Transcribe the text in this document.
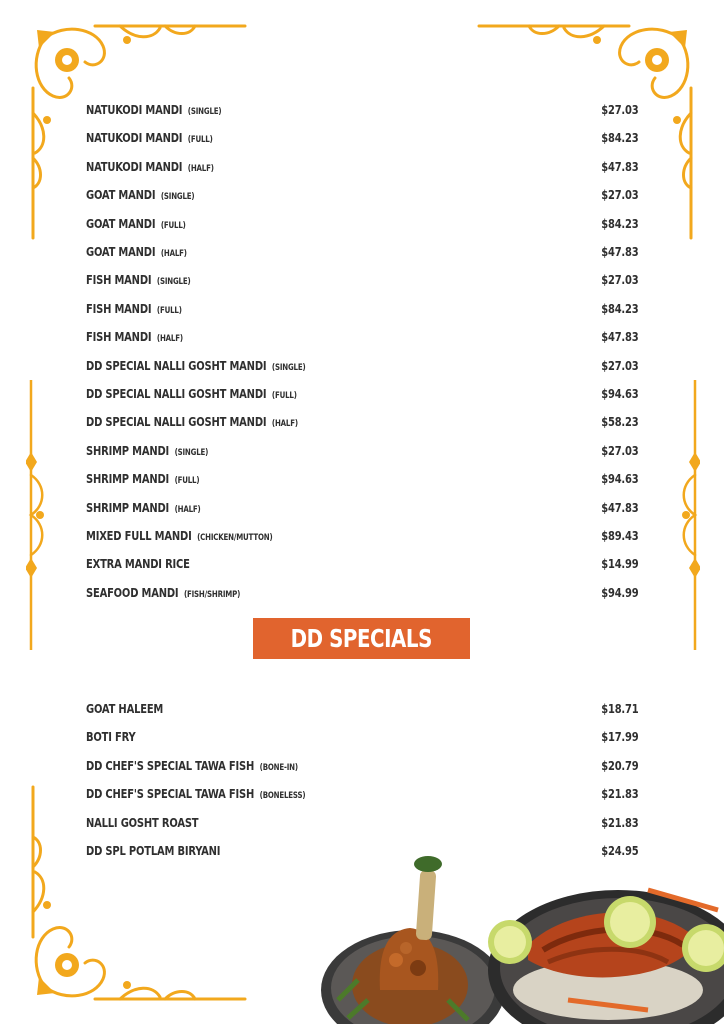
NATUKODI MANDI (SINGLE)	$27.03
NATUKODI MANDI (FULL)	$84.23
NATUKODI MANDI (HALF)	$47.83
GOAT MANDI (SINGLE)	$27.03
GOAT MANDI (FULL)	$84.23
GOAT MANDI (HALF)	$47.83
FISH MANDI (SINGLE)	$27.03
FISH MANDI (FULL)	$84.23
FISH MANDI (HALF)	$47.83
DD SPECIAL NALLI GOSHT MANDI (SINGLE)	$27.03
DD SPECIAL NALLI GOSHT MANDI (FULL)	$94.63
DD SPECIAL NALLI GOSHT MANDI (HALF)	$58.23
SHRIMP MANDI (SINGLE)	$27.03
SHRIMP MANDI (FULL)	$94.63
SHRIMP MANDI (HALF)	$47.83
MIXED FULL MANDI (CHICKEN/MUTTON)	$89.43
EXTRA MANDI RICE	$14.99
SEAFOOD MANDI (FISH/SHRIMP)	$94.99
DD SPECIALS
GOAT HALEEM	$18.71
BOTI FRY	$17.99
DD CHEF'S SPECIAL TAWA FISH (BONE-IN)	$20.79
DD CHEF'S SPECIAL TAWA FISH (BONELESS)	$21.83
NALLI GOSHT ROAST	$21.83
DD SPL POTLAM BIRYANI	$24.95
